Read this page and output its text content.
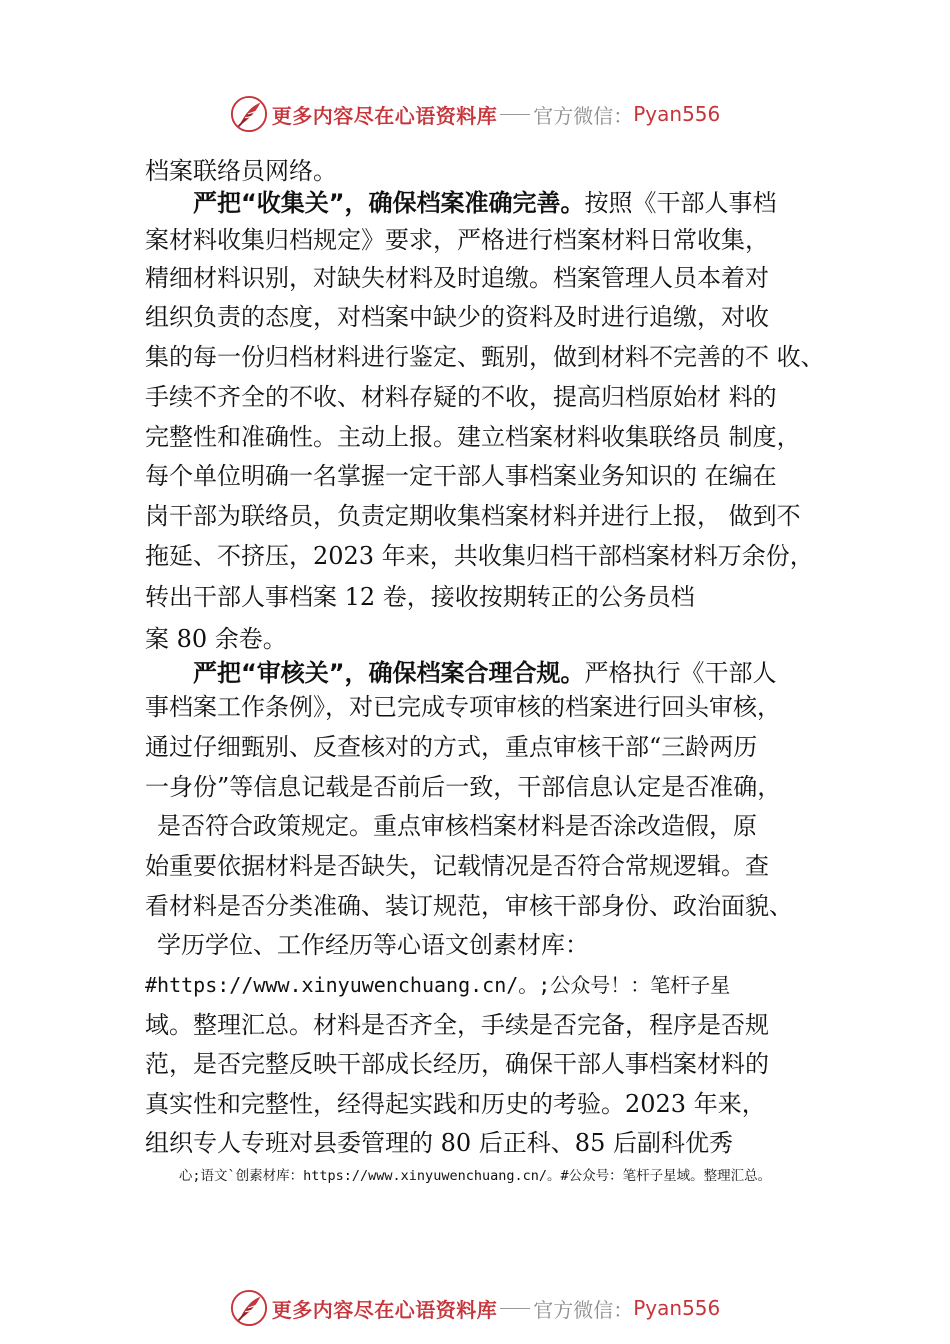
更多内容尽在心语资料库 官方微信： Pyan556
档案联络员网络。
严把“收集关”，确保档案准确完善。按照《干部人事档
案材料收集归档规定》要求，严格进行档案材料日常收集，
精细材料识别，对缺失材料及时追缴。档案管理人员本着对
组织负责的态度，对档案中缺少的资料及时进行追缴，对收
集的每一份归档材料进行鉴定、甄别，做到材料不完善的不 收、
手续不齐全的不收、材料存疑的不收，提高归档原始材 料的
完整性和准确性。主动上报。建立档案材料收集联络员 制度，
每个单位明确一名掌握一定干部人事档案业务知识的 在编在
岗干部为联络员，负责定期收集档案材料并进行上报， 做到不
拖延、不挤压，2023 年来，共收集归档干部档案材料万余份，
转出干部人事档案 12 卷，接收按期转正的公务员档
案 80 余卷。
严把“审核关”，确保档案合理合规。严格执行《干部人
事档案工作条例》，对已完成专项审核的档案进行回头审核，
通过仔细甄别、反查核对的方式，重点审核干部“三龄两历
一身份”等信息记载是否前后一致，干部信息认定是否准确，
是否符合政策规定。重点审核档案材料是否涂改造假，原
始重要依据材料是否缺失，记载情况是否符合常规逻辑。查
看材料是否分类准确、装订规范，审核干部身份、政治面貌、
学历学位、工作经历等心语文创素材库：
#https://www.xinyuwenchuang.cn/。;公众号！：笔杆子星
域。整理汇总。材料是否齐全，手续是否完备，程序是否规
范，是否完整反映干部成长经历，确保干部人事档案材料的
真实性和完整性，经得起实践和历史的考验。2023 年来，
组织专人专班对县委管理的 80 后正科、85 后副科优秀
心;语文`创素材库：https://www.xinyuwenchuang.cn/。#公众号：笔杆子星域。整理汇总。
更多内容尽在心语资料库 官方微信： Pyan556
